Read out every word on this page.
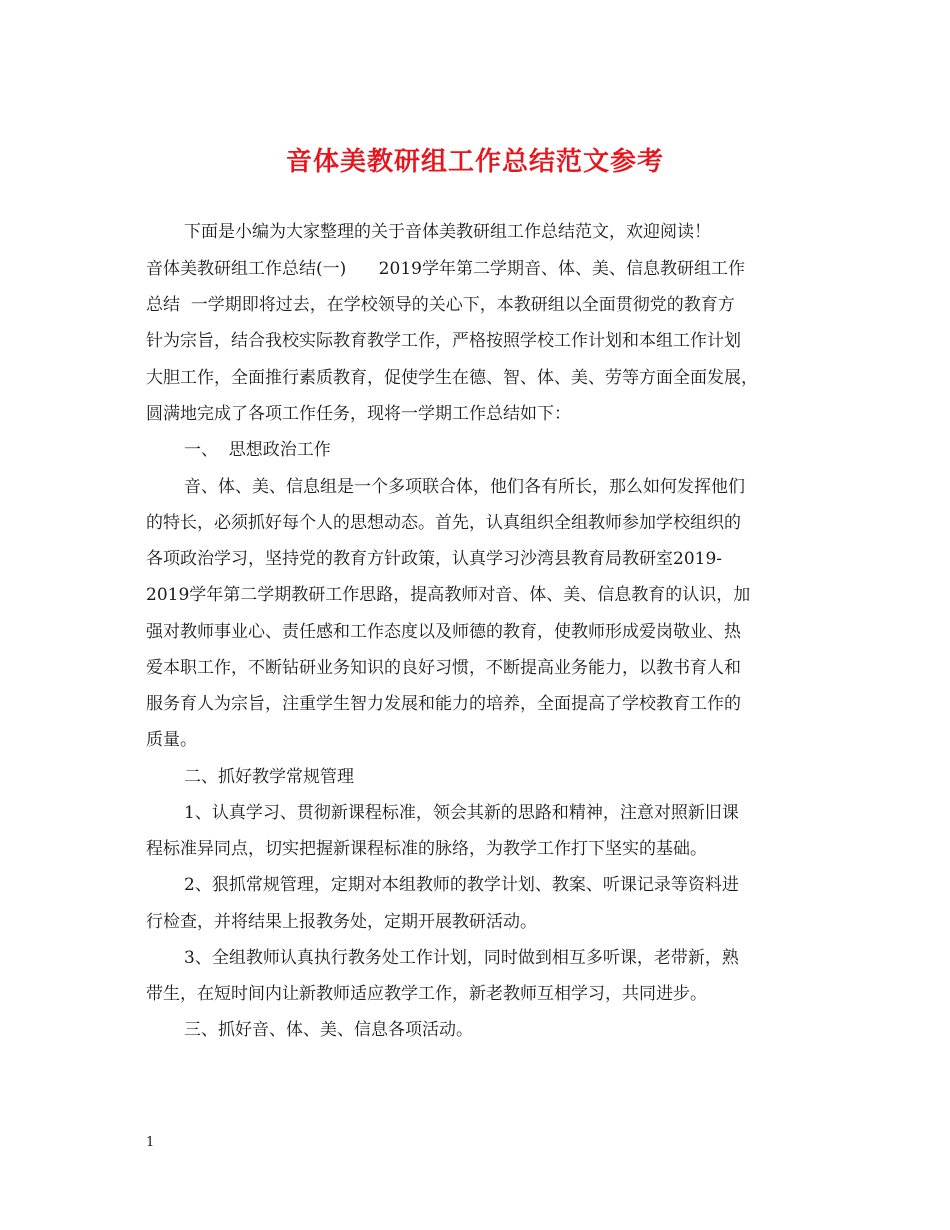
音体美教研组工作总结范文参考
下面是小编为大家整理的关于音体美教研组工作总结范文，欢迎阅读！
音体美教研组工作总结(一)      2019学年第二学期音、体、美、信息教研组工作
总结  一学期即将过去，在学校领导的关心下，本教研组以全面贯彻党的教育方
针为宗旨，结合我校实际教育教学工作，严格按照学校工作计划和本组工作计划
大胆工作，全面推行素质教育，促使学生在德、智、体、美、劳等方面全面发展，
圆满地完成了各项工作任务，现将一学期工作总结如下：
一、  思想政治工作
音、体、美、信息组是一个多项联合体，他们各有所长，那么如何发挥他们
的特长，必须抓好每个人的思想动态。首先，认真组织全组教师参加学校组织的
各项政治学习，坚持党的教育方针政策，认真学习沙湾县教育局教研室2019-
2019学年第二学期教研工作思路，提高教师对音、体、美、信息教育的认识，加
强对教师事业心、责任感和工作态度以及师德的教育，使教师形成爱岗敬业、热
爱本职工作，不断钻研业务知识的良好习惯，不断提高业务能力，以教书育人和
服务育人为宗旨，注重学生智力发展和能力的培养，全面提高了学校教育工作的
质量。
二、抓好教学常规管理
1、认真学习、贯彻新课程标准，领会其新的思路和精神，注意对照新旧课
程标准异同点，切实把握新课程标准的脉络，为教学工作打下坚实的基础。
2、狠抓常规管理，定期对本组教师的教学计划、教案、听课记录等资料进
行检查，并将结果上报教务处，定期开展教研活动。
3、全组教师认真执行教务处工作计划，同时做到相互多听课，老带新，熟
带生，在短时间内让新教师适应教学工作，新老教师互相学习，共同进步。
三、抓好音、体、美、信息各项活动。
1
